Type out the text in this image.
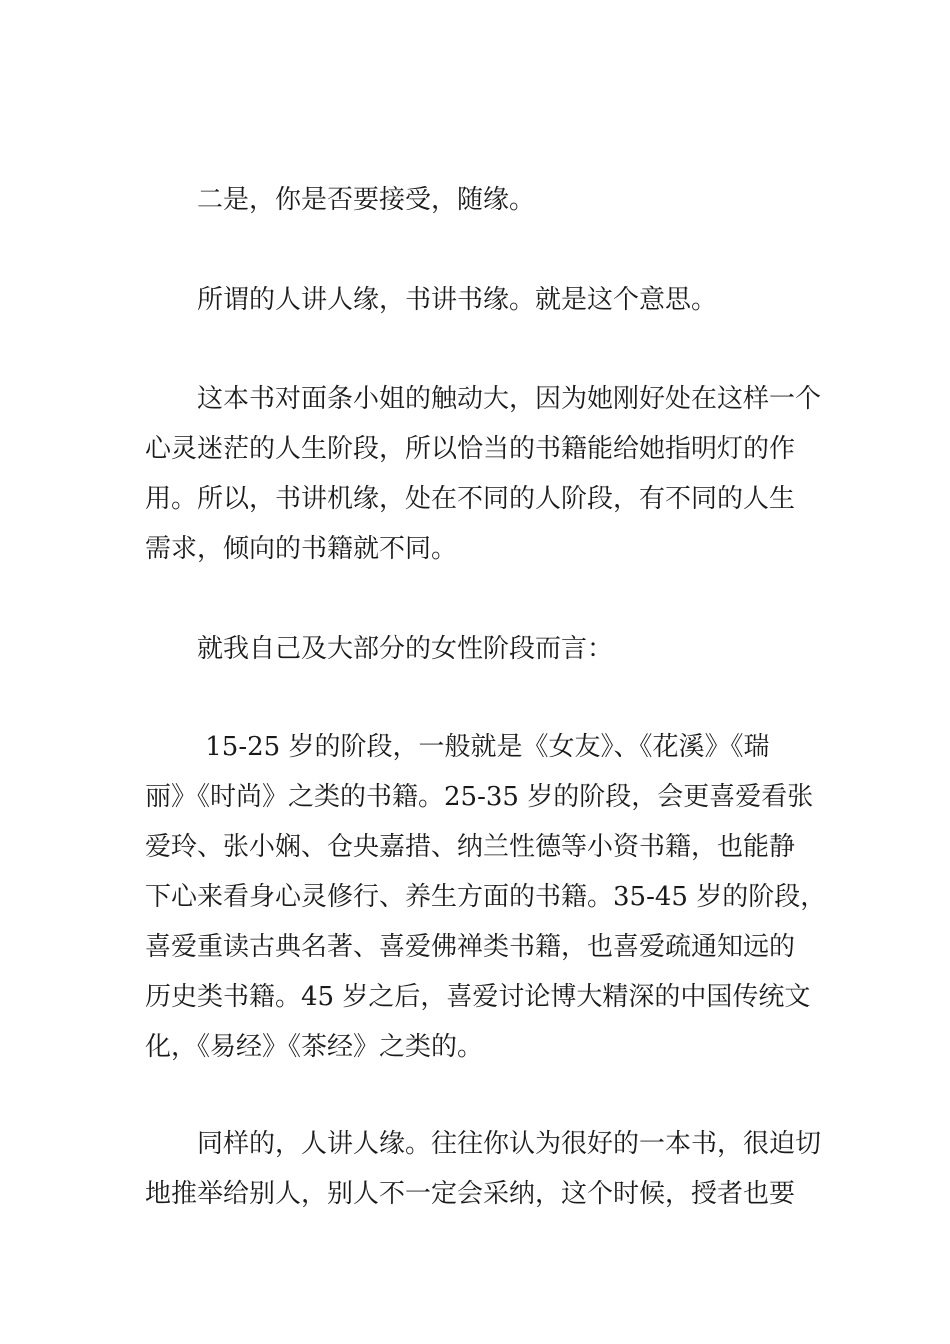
　　二是，你是否要接受，随缘。

　　所谓的人讲人缘，书讲书缘。就是这个意思。

　　这本书对面条小姐的触动大，因为她刚好处在这样一个
心灵迷茫的人生阶段，所以恰当的书籍能给她指明灯的作
用。所以，书讲机缘，处在不同的人阶段，有不同的人生
需求，倾向的书籍就不同。

　　就我自己及大部分的女性阶段而言：

　　 15-25 岁的阶段，一般就是《女友》、《花溪》《瑞
丽》《时尚》之类的书籍。25-35 岁的阶段，会更喜爱看张
爱玲、张小娴、仓央嘉措、纳兰性德等小资书籍，也能静
下心来看身心灵修行、养生方面的书籍。35-45 岁的阶段，
喜爱重读古典名著、喜爱佛禅类书籍，也喜爱疏通知远的
历史类书籍。45 岁之后，喜爱讨论博大精深的中国传统文
化，《易经》《茶经》之类的。

　　同样的，人讲人缘。往往你认为很好的一本书，很迫切
地推举给别人，别人不一定会采纳，这个时候，授者也要
